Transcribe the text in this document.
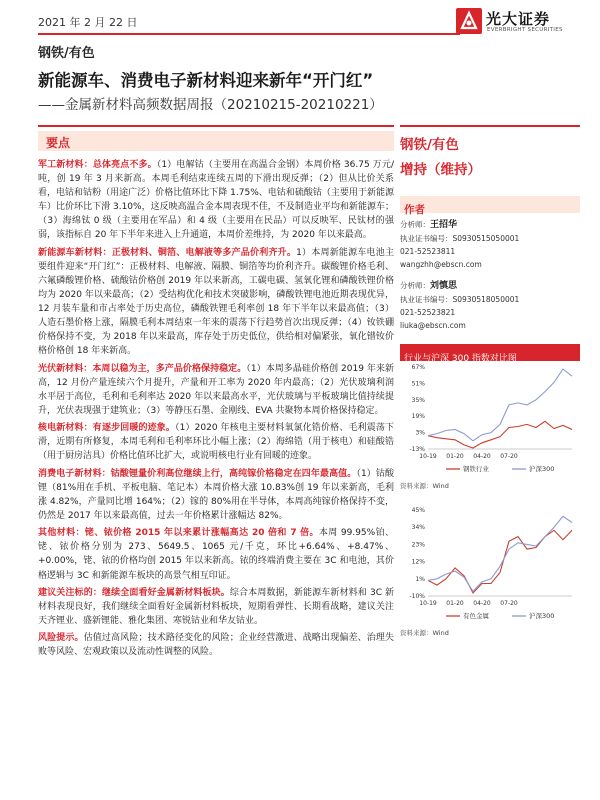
2021 年 2 月 22 日	光大证券
EVERBRIGHT SECURITIES
钢铁/有色
新能源车、消费电子新材料迎来新年“开门红”
——金属新材料高频数据周报（20210215-20210221）
要点

军工新材料：总体亮点不多。（1）电解钴（主要用在高温合金钢）本周价格 36.75 万元/吨，创 19 年 3 月来新高。本周毛利结束连续五周的下滑出现反弹；（2）但从比价关系看，电钴和钴粉（用途广泛）价格比值环比下降 1.75%、电钴和硫酸钴（主要用于新能源车）比价环比下滑 3.10%，这反映高温合金本周表现不佳，不及制造业平均和新能源车；（3）海绵钛 0 级（主要用在军品）和 4 级（主要用在民品）可以反映军、民钛材的强弱，该指标自 20 年下半年来进入上升通道，本周价差维持，为 2020 年以来最高。

新能源车新材料：正极材料、铜箔、电解液等多产品价利齐升。1）本周新能源车电池主要组件迎来“开门红”：正极材料、电解液、隔膜、铜箔等均价利齐升。碳酸锂价格毛利、六氟磷酸锂价格、硫酸钴价格创 2019 年以来新高，工碳电碳、氢氧化锂和磷酸铁锂价格均为 2020 年以来最高；（2）受结构优化和技术突破影响，磷酸铁锂电池近期表现优异，12 月装车量和市占率处于历史高位，磷酸铁锂毛利率创 18 年下半年以来最高值；（3）人造石墨价格上涨，隔膜毛利本周结束一年来的震荡下行趋势首次出现反弹；（4）钕铁硼价格保持不变，为 2018 年以来最高，库存处于历史低位，供给相对偏紧张，氧化镨钕价格价格创 18 年来新高。

光伏新材料：本周以稳为主，多产品价格保持稳定。（1）本周多晶硅价格创 2019 年来新高，12 月份产量连续六个月提升，产量和开工率为 2020 年内最高；（2）光伏玻璃利润水平居于高位，毛利和毛利率达 2020 年以来最高水平，光伏玻璃与平板玻璃比值持续提升，光伏表现强于建筑业；（3）等静压石墨、金刚线、EVA 共聚物本周价格保持稳定。

核电新材料：有逐步回暖的迹象。（1）2020 年核电主要材料氧氯化锆价格、毛利震荡下滑，近期有所修复，本周毛利和毛利率环比小幅上涨；（2）海绵锆（用于核电）和硅酸锆（用于厨房洁具）价格比值环比扩大，或说明核电行业有回暖的迹象。

消费电子新材料：钴酸锂量价利高位继续上行，高纯镓价格稳定在四年最高值。（1）钴酸锂（81%用在手机、平板电脑、笔记本）本周价格大涨 10.83%创 19 年以来新高，毛利涨 4.82%，产量同比增 164%；（2）镓的 80%用在半导体，本周高纯镓价格保持不变，仍然是 2017 年以来最高值，过去一年价格累计涨幅达 82%。

其他材料：铑、铱价格 2015 年以来累计涨幅高达 20 倍和 7 倍。本周 99.95%铂、铑、铱价格分别为 273、5649.5、1065 元/千克，环比+6.64%、+8.47%、+0.00%，铑、铱的价格均创 2015 年以来新高。铱的终端消费主要在 3C 和电池，其价格逻辑与 3C 和新能源车板块的高景气相互印证。

建议关注标的：继续全面看好金属新材料板块。综合本周数据，新能源车新材料和 3C 新材料表现良好，我们继续全面看好金属新材料板块，短期看弹性、长期看战略，建议关注天齐锂业、盛新锂能、雅化集团、寒锐钴业和华友钴业。

风险提示。估值过高风险；技术路径变化的风险；企业经营激进、战略出现偏差、治理失败等风险、宏观政策以及流动性调整的风险。

钢铁/有色
增持（维持）
作者
分析师：王招华
执业证书编号：S0930515050001
021-52523811
wangzhh@ebscn.com
分析师：刘慎思
执业证书编号：S0930518050001
021-52523821
liuka@ebscn.com
行业与沪深 300 指数对比图
67%
51%
35%
19%
3%
-13%
10-19 01-20 04-20 07-20
钢铁行业	沪深300
资料来源：Wind
45%
34%
23%
12%
1%
-10%
10-19 01-20 04-20 07-20
有色金属	沪深300
资料来源：Wind
